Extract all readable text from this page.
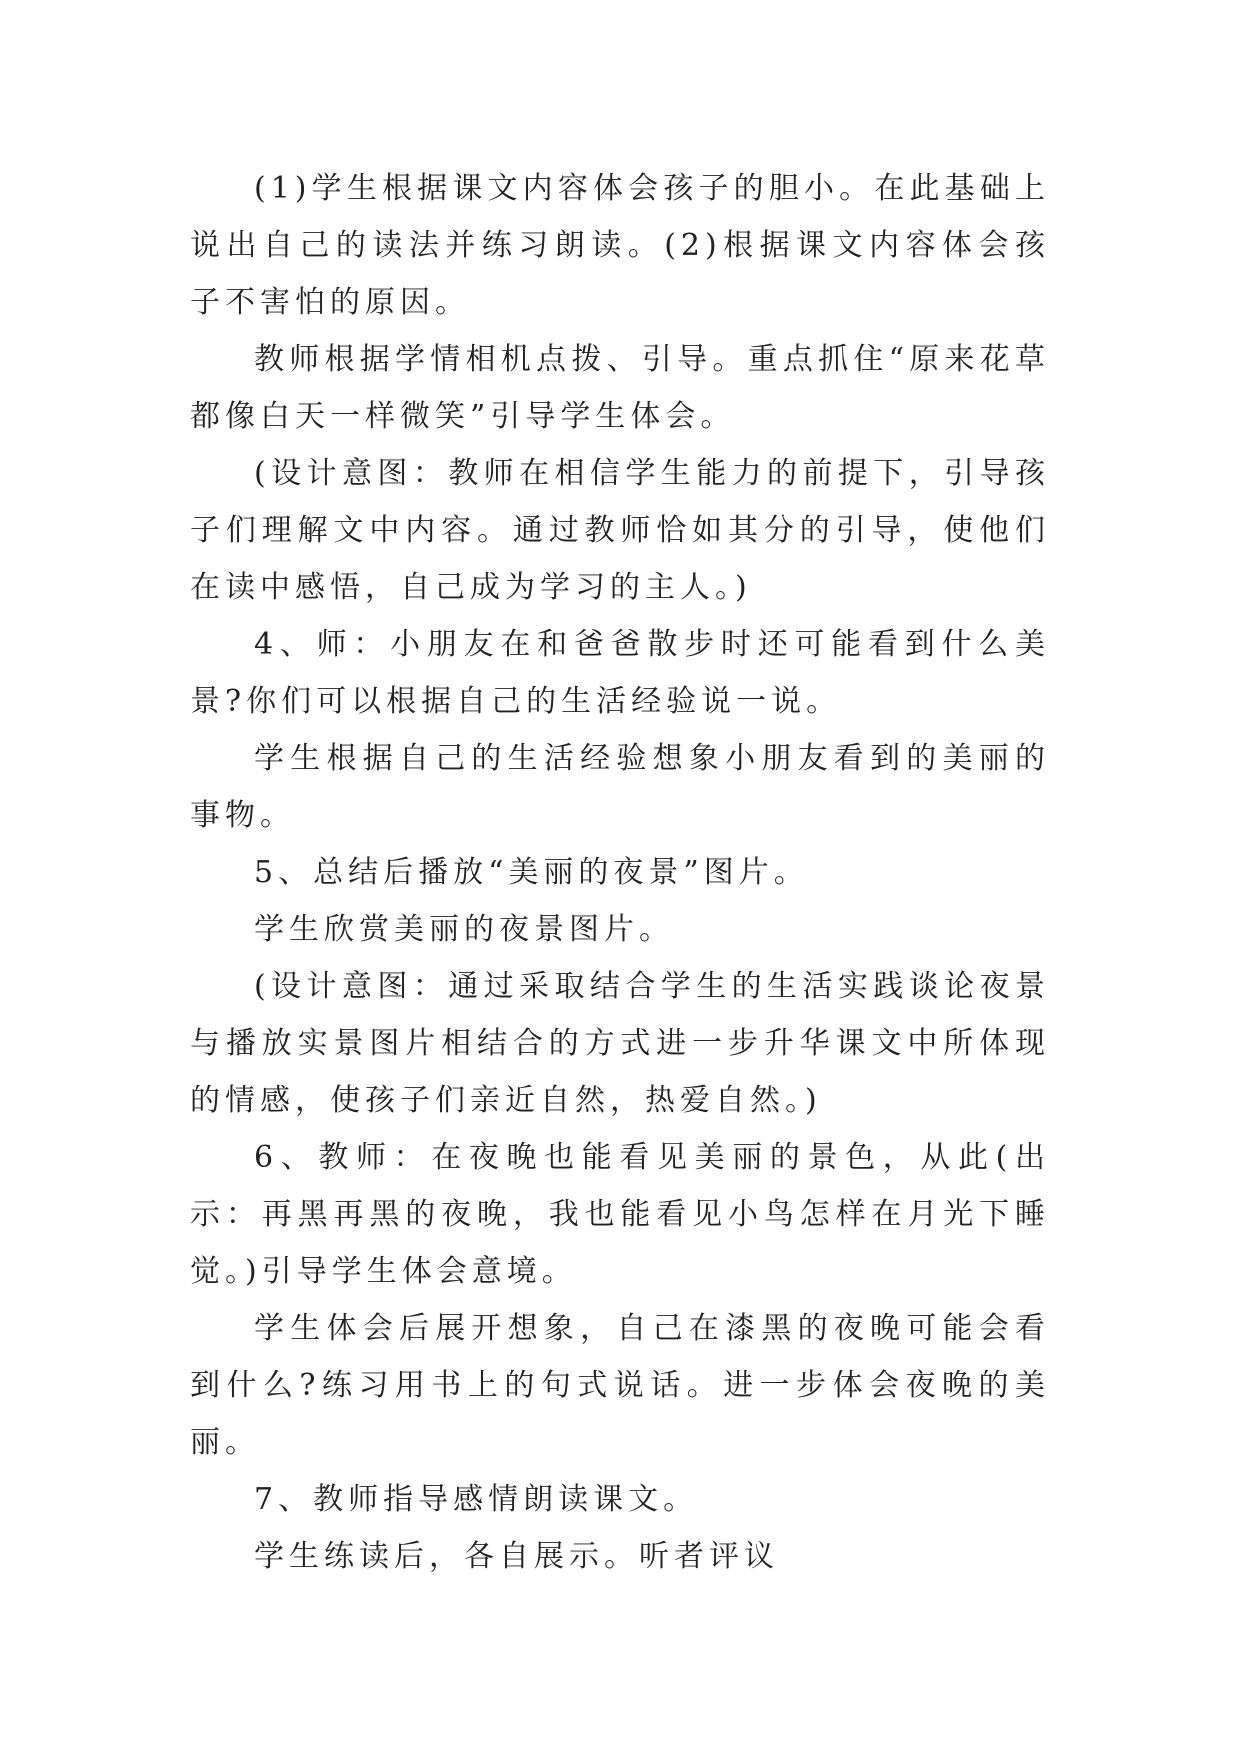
(1)学生根据课文内容体会孩子的胆小。在此基础上说出自己的读法并练习朗读。(2)根据课文内容体会孩子不害怕的原因。

教师根据学情相机点拨、引导。重点抓住“原来花草都像白天一样微笑”引导学生体会。

(设计意图：教师在相信学生能力的前提下，引导孩子们理解文中内容。通过教师恰如其分的引导，使他们在读中感悟，自己成为学习的主人。)

4、师：小朋友在和爸爸散步时还可能看到什么美景?你们可以根据自己的生活经验说一说。

学生根据自己的生活经验想象小朋友看到的美丽的事物。

5、总结后播放“美丽的夜景”图片。

学生欣赏美丽的夜景图片。

(设计意图：通过采取结合学生的生活实践谈论夜景与播放实景图片相结合的方式进一步升华课文中所体现的情感，使孩子们亲近自然，热爱自然。)

6、教师：在夜晚也能看见美丽的景色，从此(出示：再黑再黑的夜晚，我也能看见小鸟怎样在月光下睡觉。)引导学生体会意境。

学生体会后展开想象，自己在漆黑的夜晚可能会看到什么?练习用书上的句式说话。进一步体会夜晚的美丽。

7、教师指导感情朗读课文。

学生练读后，各自展示。听者评议
